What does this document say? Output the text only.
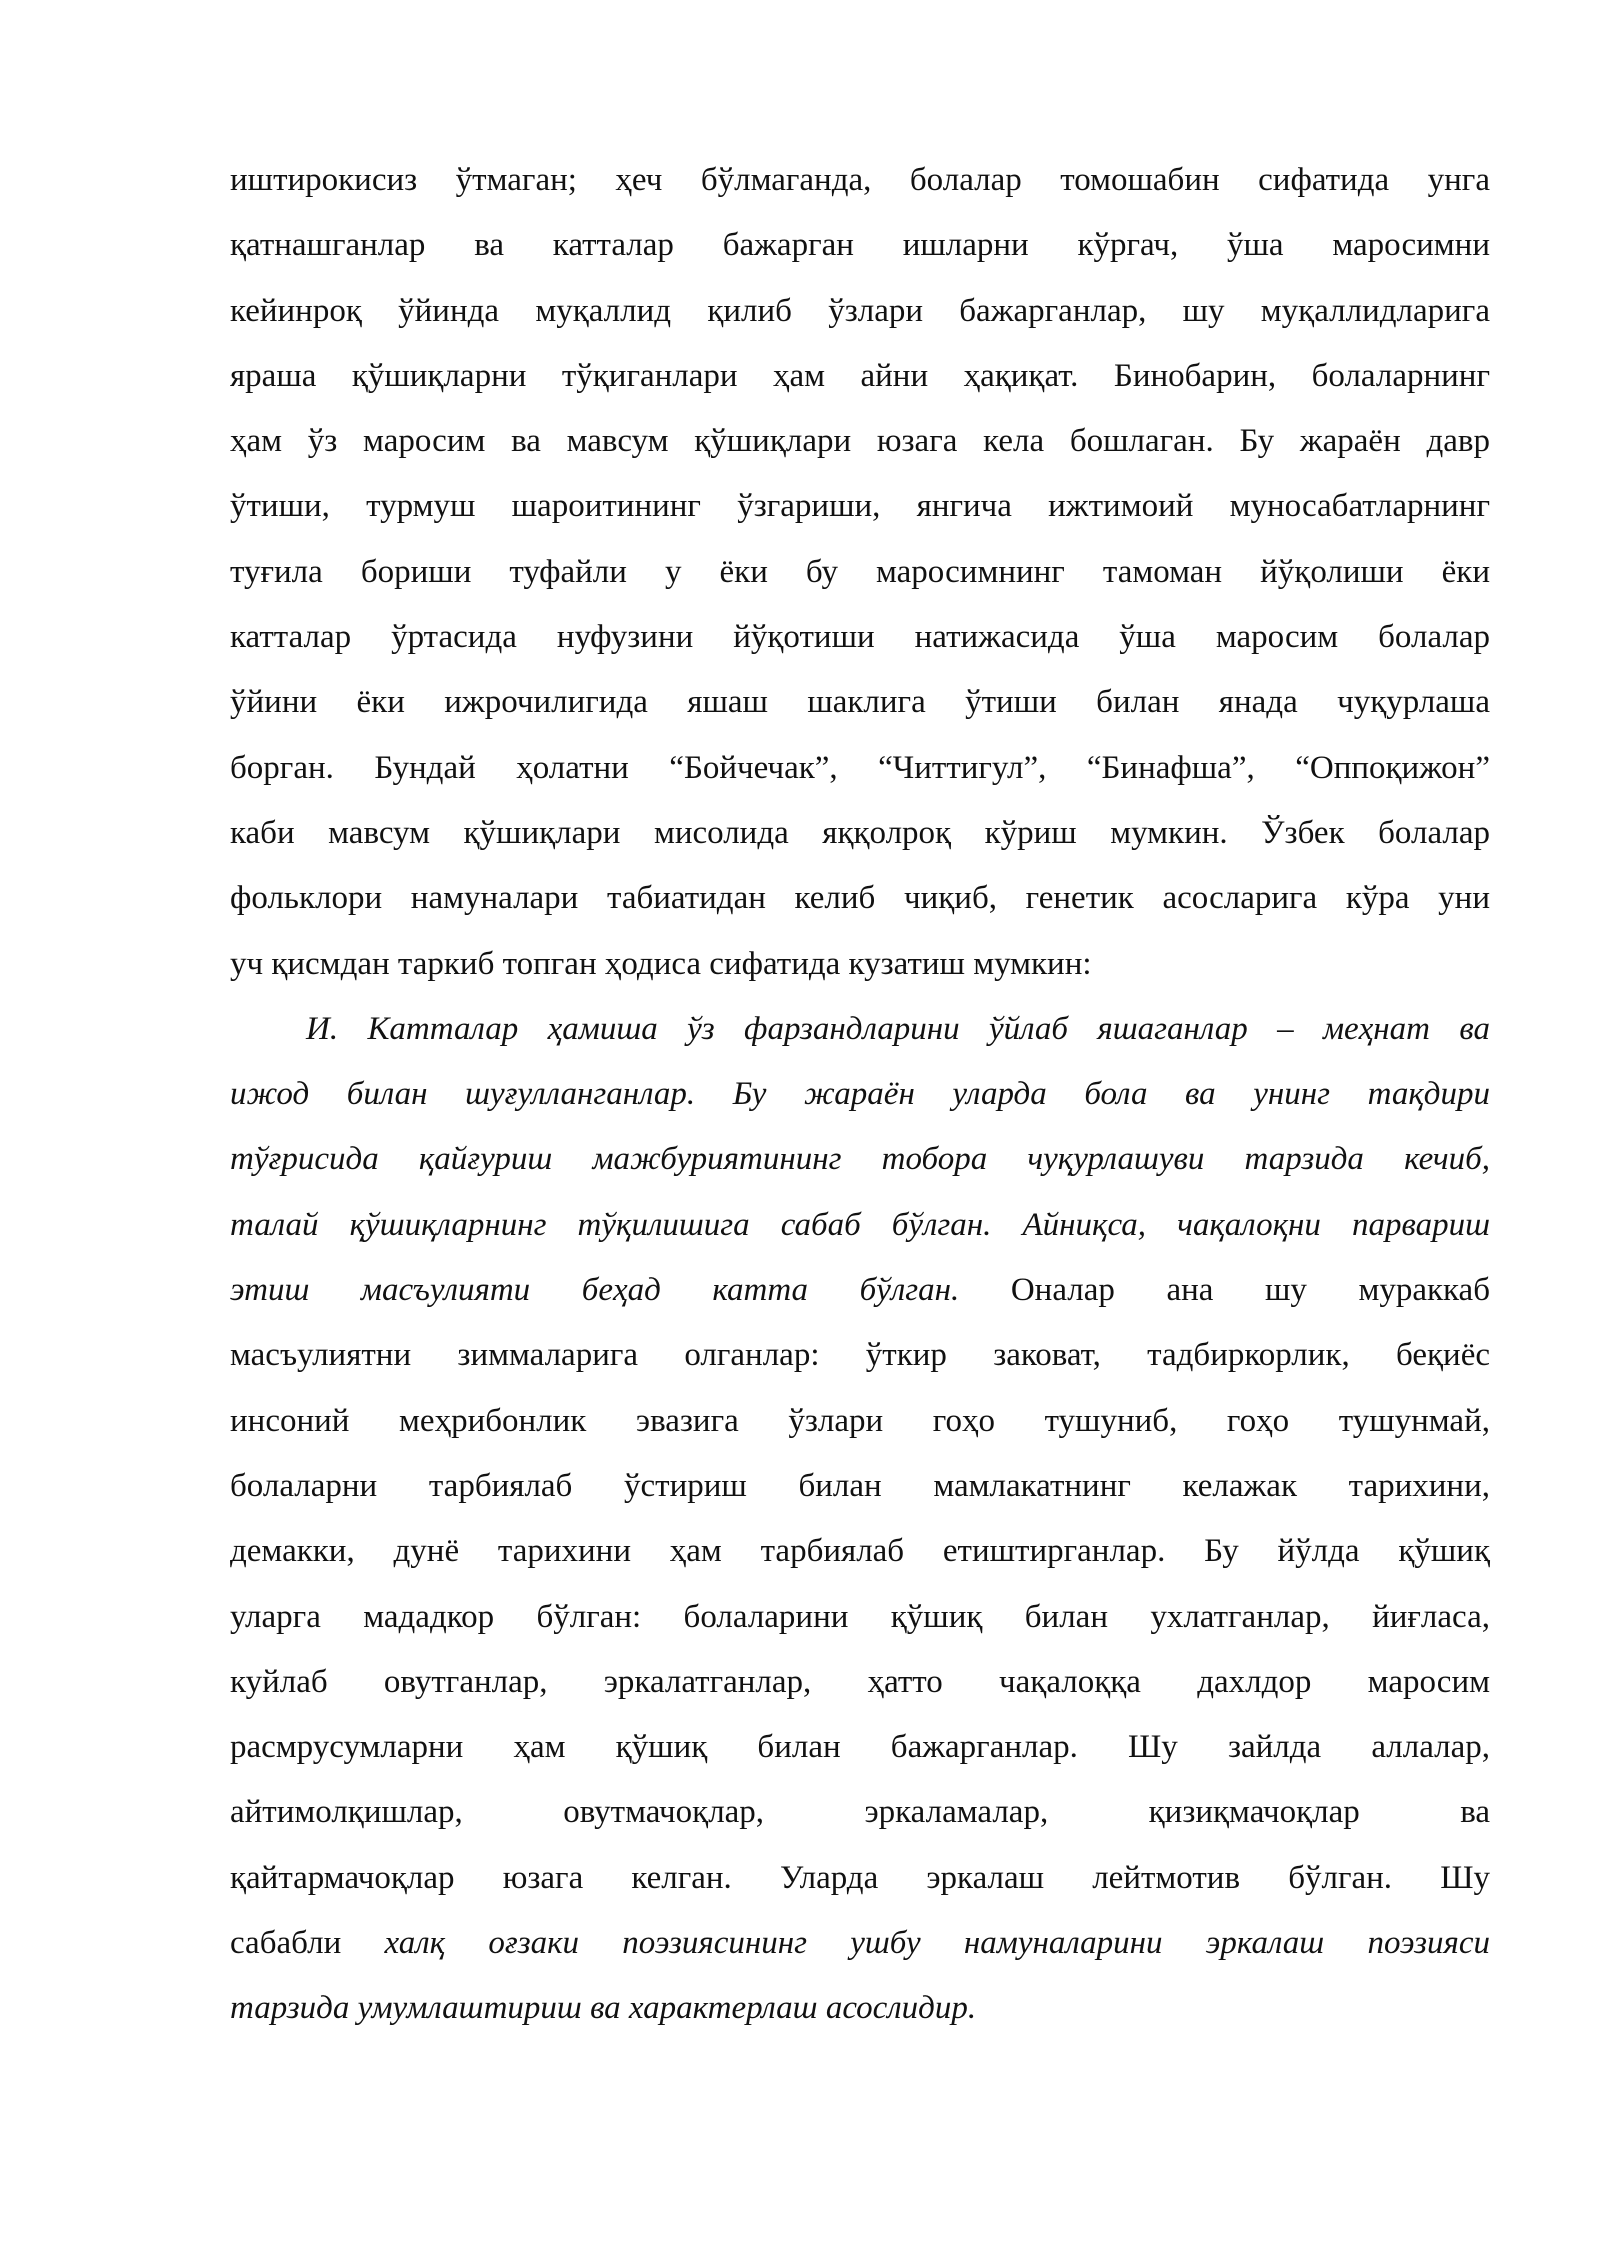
иштирокисиз ўтмаган; ҳеч бўлмаганда, болалар томошабин сифатида унга
қатнашганлар ва катталар бажарган ишларни кўргач, ўша маросимни
кейинроқ ўйинда муқаллид қилиб ўзлари бажарганлар, шу муқаллидларига
яраша қўшиқларни тўқиганлари ҳам айни ҳақиқат. Бинобарин, болаларнинг
ҳам ўз маросим ва мавсум қўшиқлари юзага кела бошлаган. Бу жараён давр
ўтиши, турмуш шароитининг ўзгариши, янгича ижтимоий муносабатларнинг
туғила бориши туфайли у ёки бу маросимнинг тамоман йўқолиши ёки
катталар ўртасида нуфузини йўқотиши натижасида ўша маросим болалар
ўйини ёки ижрочилигида яшаш шаклига ўтиши билан янада чуқурлаша
борган. Бундай ҳолатни “Бойчечак”, “Читтигул”, “Бинафша”, “Оппоқижон”
каби мавсум қўшиқлари мисолида яққолроқ кўриш мумкин. Ўзбек болалар
фольклори намуналари табиатидан келиб чиқиб, генетик асосларига кўра уни
уч қисмдан таркиб топган ҳодиса сифатида кузатиш мумкин:

И. Катталар ҳамиша ўз фарзандларини ўйлаб яшаганлар – меҳнат ва
ижод билан шуғулланганлар. Бу жараён уларда бола ва унинг тақдири
тўғрисида қайғуриш мажбуриятининг тобора чуқурлашуви тарзида кечиб,
талай қўшиқларнинг тўқилишига сабаб бўлган. Айниқса, чақалоқни парвариш
этиш масъулияти беҳад катта бўлган. Оналар ана шу мураккаб
масъулиятни зиммаларига олганлар: ўткир заковат, тадбиркорлик, беқиёс
инсоний меҳрибонлик эвазига ўзлари гоҳо тушуниб, гоҳо тушунмай,
болаларни тарбиялаб ўстириш билан мамлакатнинг келажак тарихини,
демакки, дунё тарихини ҳам тарбиялаб етиштирганлар. Бу йўлда қўшиқ
уларга мададкор бўлган: болаларини қўшиқ билан ухлатганлар, йиғласа,
куйлаб овутганлар, эркалатганлар, ҳатто чақалоққа дахлдор маросим
расмрусумларни ҳам қўшиқ билан бажарганлар. Шу зайлда аллалар,
айтимолқишлар, овутмачоқлар, эркаламалар, қизиқмачоқлар ва
қайтармачоқлар юзага келган. Уларда эркалаш лейтмотив бўлган. Шу
сабабли халқ оғзаки поэзиясининг ушбу намуналарини эркалаш поэзияси
тарзида умумлаштириш ва характерлаш асослидир.
